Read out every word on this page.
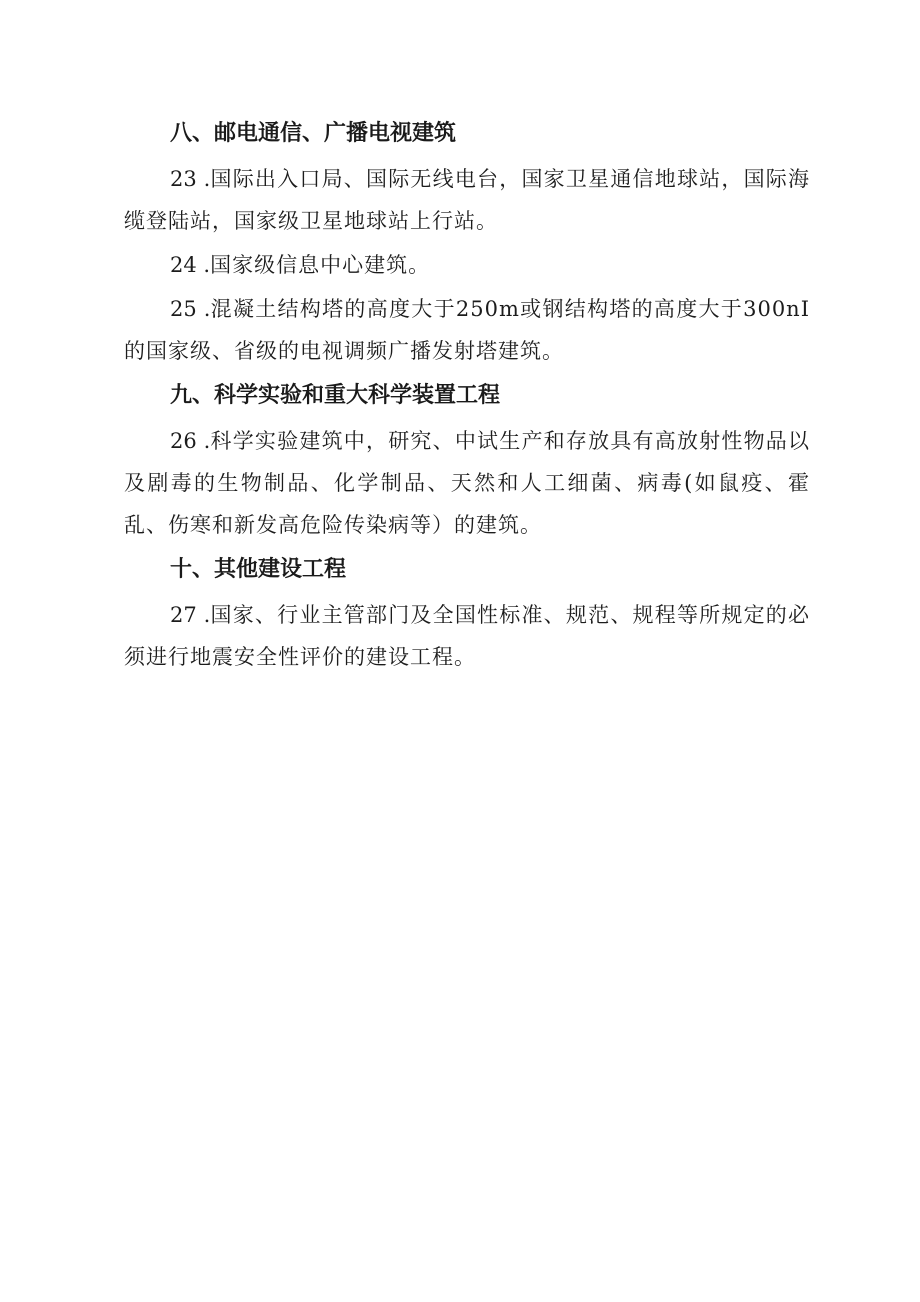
八、邮电通信、广播电视建筑

23 .国际出入口局、国际无线电台，国家卫星通信地球站，国际海缆登陆站，国家级卫星地球站上行站。

24 .国家级信息中心建筑。

25 .混凝土结构塔的高度大于250m或钢结构塔的高度大于300nI的国家级、省级的电视调频广播发射塔建筑。

九、科学实验和重大科学装置工程

26 .科学实验建筑中，研究、中试生产和存放具有高放射性物品以及剧毒的生物制品、化学制品、天然和人工细菌、病毒(如鼠疫、霍乱、伤寒和新发高危险传染病等）的建筑。

十、其他建设工程

27 .国家、行业主管部门及全国性标准、规范、规程等所规定的必须进行地震安全性评价的建设工程。
